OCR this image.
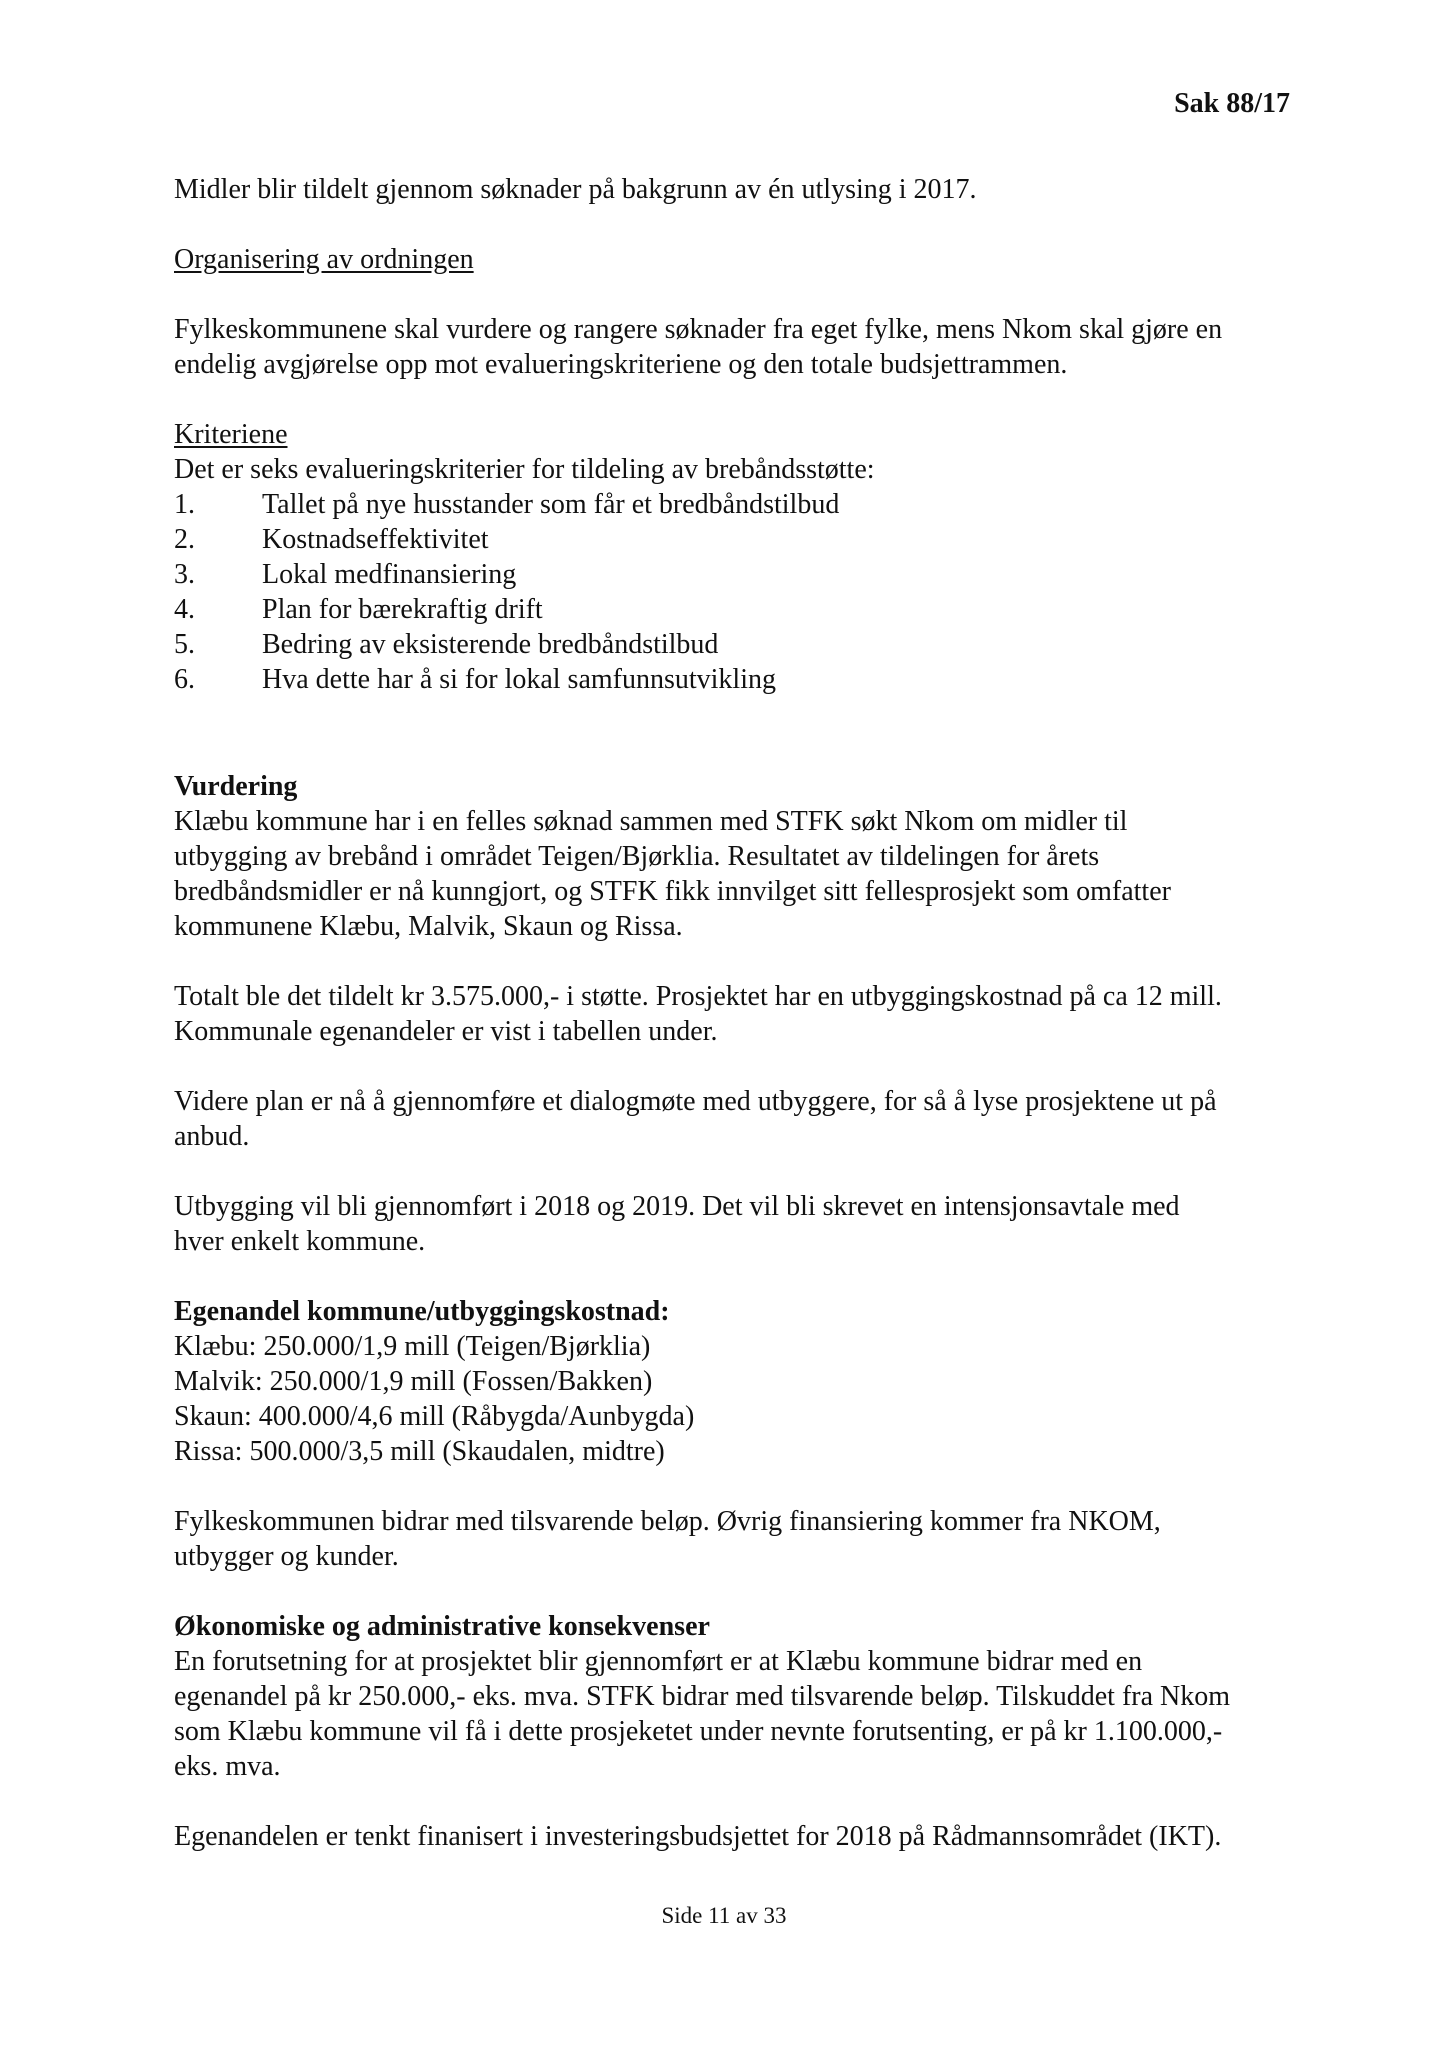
Sak 88/17

Midler blir tildelt gjennom søknader på bakgrunn av én utlysing i 2017.

Organisering av ordningen

Fylkeskommunene skal vurdere og rangere søknader fra eget fylke, mens Nkom skal gjøre en

endelig avgjørelse opp mot evalueringskriteriene og den totale budsjettrammen.

Kriteriene

Det er seks evalueringskriterier for tildeling av brebåndsstøtte:

1.	Tallet på nye husstander som får et bredbåndstilbud
2.	Kostnadseffektivitet
3.	Lokal medfinansiering
4.	Plan for bærekraftig drift
5.	Bedring av eksisterende bredbåndstilbud
6.	Hva dette har å si for lokal samfunnsutvikling

Vurdering

Klæbu kommune har i en felles søknad sammen med STFK søkt Nkom om midler til

utbygging av brebånd i området Teigen/Bjørklia. Resultatet av tildelingen for årets

bredbåndsmidler er nå kunngjort, og STFK fikk innvilget sitt fellesprosjekt som omfatter

kommunene Klæbu, Malvik, Skaun og Rissa.

Totalt ble det tildelt kr 3.575.000,- i støtte. Prosjektet har en utbyggingskostnad på ca 12 mill.

Kommunale egenandeler er vist i tabellen under.

Videre plan er nå å gjennomføre et dialogmøte med utbyggere, for så å lyse prosjektene ut på

anbud.

Utbygging vil bli gjennomført i 2018 og 2019. Det vil bli skrevet en intensjonsavtale med

hver enkelt kommune.

Egenandel kommune/utbyggingskostnad:

Klæbu: 250.000/1,9 mill (Teigen/Bjørklia)

Malvik: 250.000/1,9 mill (Fossen/Bakken)

Skaun: 400.000/4,6 mill (Råbygda/Aunbygda)

Rissa: 500.000/3,5 mill (Skaudalen, midtre)

Fylkeskommunen bidrar med tilsvarende beløp. Øvrig finansiering kommer fra NKOM,

utbygger og kunder.

Økonomiske og administrative konsekvenser

En forutsetning for at prosjektet blir gjennomført er at Klæbu kommune bidrar med en

egenandel på kr 250.000,- eks. mva. STFK bidrar med tilsvarende beløp. Tilskuddet fra Nkom

som Klæbu kommune vil få i dette prosjeketet under nevnte forutsenting, er på kr 1.100.000,-

eks. mva.

Egenandelen er tenkt finanisert i investeringsbudsjettet for 2018 på Rådmannsområdet (IKT).

Side 11 av 33
